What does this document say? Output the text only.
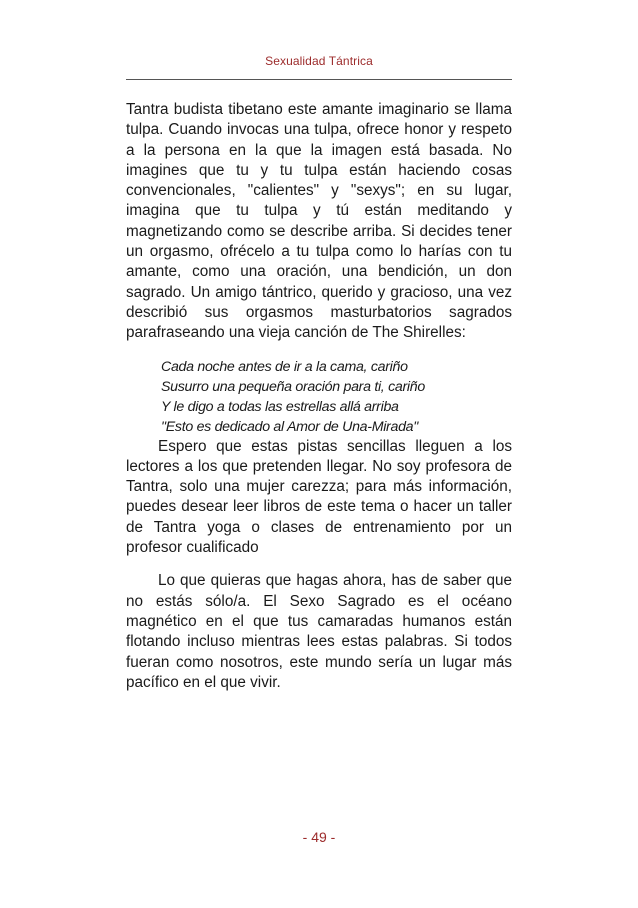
Sexualidad Tántrica

Tantra budista tibetano este amante imaginario se llama tulpa. Cuando invocas una tulpa, ofrece honor y respeto a la persona en la que la imagen está basada. No imagines que tu y tu tulpa están haciendo cosas convencionales, "calientes" y "sexys"; en su lugar, imagina que tu tulpa y tú están meditando y magnetizando como se describe arriba. Si decides tener un orgasmo, ofrécelo a tu tulpa como lo harías con tu amante, como una oración, una bendición, un don sagrado. Un amigo tántrico, querido y gracioso, una vez describió sus orgasmos masturbatorios sagrados parafraseando una vieja canción de The Shirelles:

Cada noche antes de ir a la cama, cariño

Susurro una pequeña oración para ti, cariño

Y le digo a todas las estrellas allá arriba

"Esto es dedicado al Amor de Una-Mirada"

Espero que estas pistas sencillas lleguen a los lectores a los que pretenden llegar. No soy profesora de Tantra, solo una mujer carezza; para más información, puedes desear leer libros de este tema o hacer un taller de Tantra yoga o clases de entrenamiento por un profesor cualificado

Lo que quieras que hagas ahora, has de saber que no estás sólo/a. El Sexo Sagrado es el océano magnético en el que tus camaradas humanos están flotando incluso mientras lees estas palabras. Si todos fueran como nosotros, este mundo sería un lugar más pacífico en el que vivir.

- 49 -
